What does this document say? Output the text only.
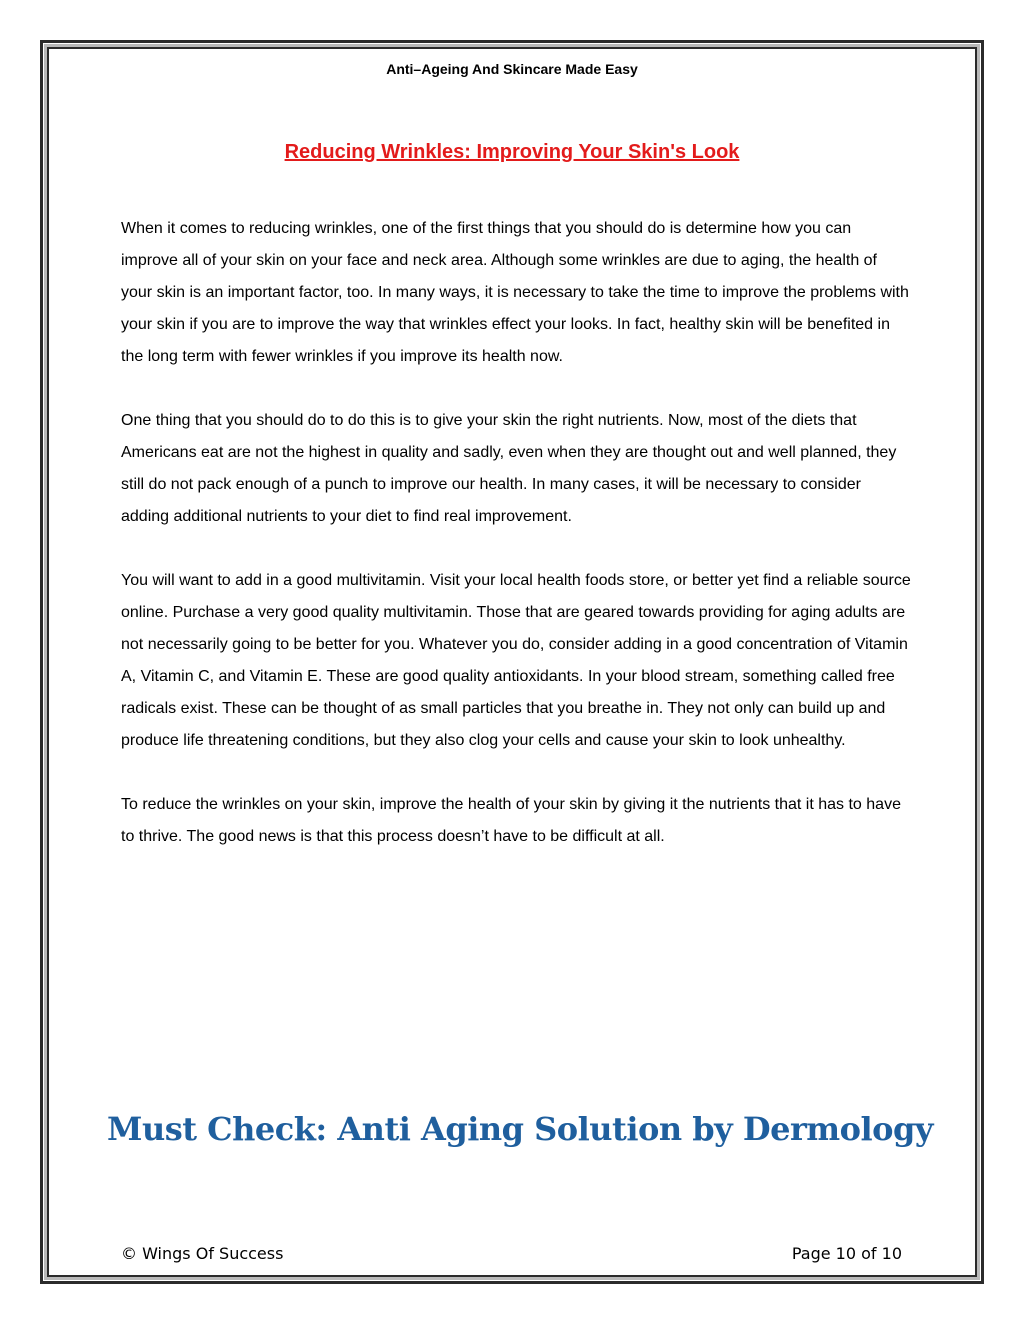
Anti–Ageing And Skincare Made Easy
Reducing Wrinkles: Improving Your Skin's Look

When it comes to reducing wrinkles, one of the first things that you should do is determine how you can improve all of your skin on your face and neck area. Although some wrinkles are due to aging, the health of your skin is an important factor, too. In many ways, it is necessary to take the time to improve the problems with your skin if you are to improve the way that wrinkles effect your looks. In fact, healthy skin will be benefited in the long term with fewer wrinkles if you improve its health now.

One thing that you should do to do this is to give your skin the right nutrients. Now, most of the diets that Americans eat are not the highest in quality and sadly, even when they are thought out and well planned, they still do not pack enough of a punch to improve our health. In many cases, it will be necessary to consider adding additional nutrients to your diet to find real improvement.

You will want to add in a good multivitamin. Visit your local health foods store, or better yet find a reliable source online. Purchase a very good quality multivitamin. Those that are geared towards providing for aging adults are not necessarily going to be better for you. Whatever you do, consider adding in a good concentration of Vitamin A, Vitamin C, and Vitamin E. These are good quality antioxidants. In your blood stream, something called free radicals exist. These can be thought of as small particles that you breathe in. They not only can build up and produce life threatening conditions, but they also clog your cells and cause your skin to look unhealthy.

To reduce the wrinkles on your skin, improve the health of your skin by giving it the nutrients that it has to have to thrive. The good news is that this process doesn’t have to be difficult at all.

Must Check: Anti Aging Solution by Dermology
© Wings Of Success	Page 10 of 10
